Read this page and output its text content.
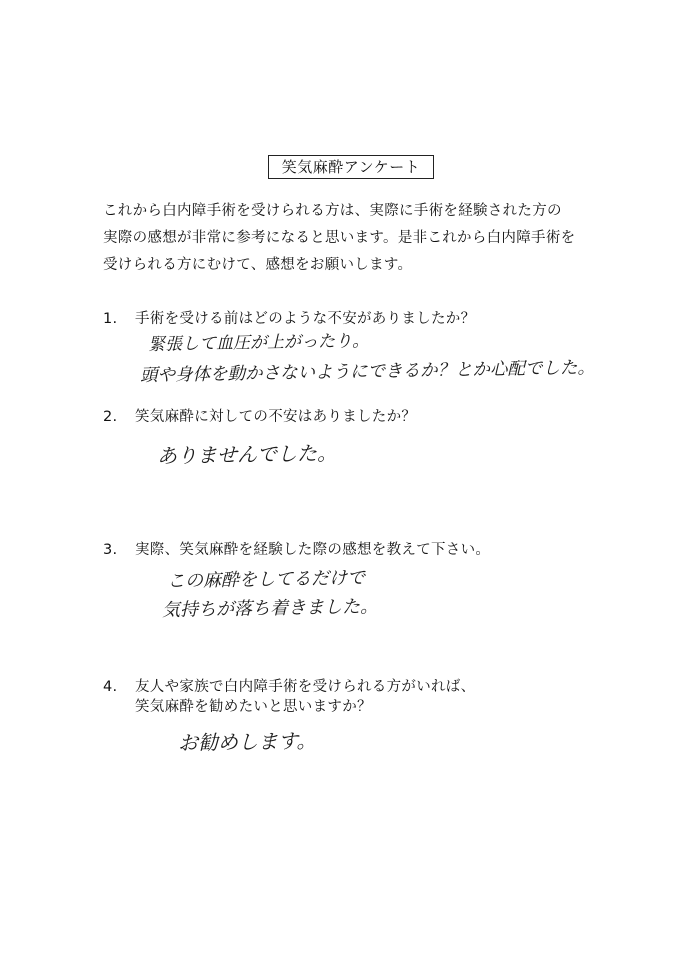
笑気麻酔アンケート
これから白内障手術を受けられる方は、実際に手術を経験された方の
実際の感想が非常に参考になると思います。是非これから白内障手術を
受けられる方にむけて、感想をお願いします。
1. 手術を受ける前はどのような不安がありましたか？
緊張して血圧が上がったり。
頭や身体を動かさないようにできるか？とか心配でした。
2. 笑気麻酔に対しての不安はありましたか？
ありませんでした。
3. 実際、笑気麻酔を経験した際の感想を教えて下さい。
この麻酔をしてるだけで
気持ちが落ち着きました。
4. 友人や家族で白内障手術を受けられる方がいれば、
笑気麻酔を勧めたいと思いますか？
お勧めします。
